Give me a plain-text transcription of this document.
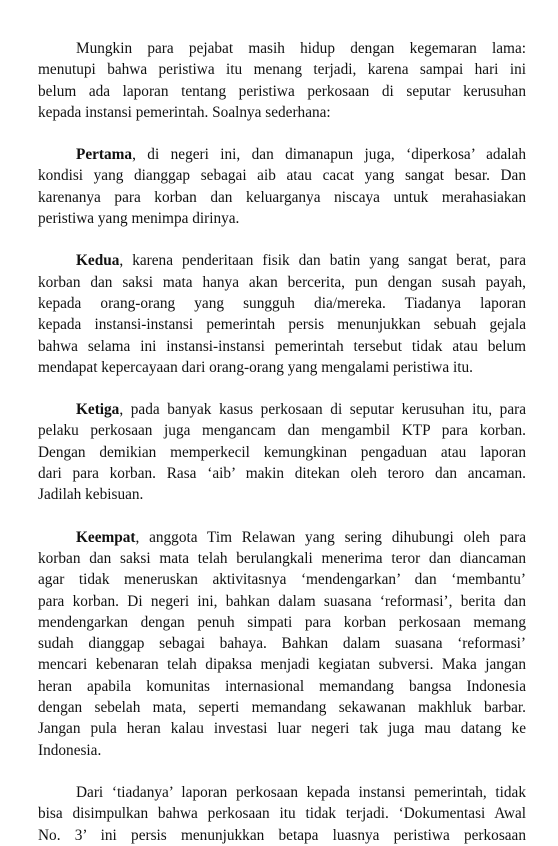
Mungkin para pejabat masih hidup dengan kegemaran lama:
menutupi bahwa peristiwa itu menang terjadi, karena sampai hari ini
belum ada laporan tentang peristiwa perkosaan di seputar kerusuhan
kepada instansi pemerintah. Soalnya sederhana:

Pertama, di negeri ini, dan dimanapun juga, ‘diperkosa’ adalah
kondisi yang dianggap sebagai aib atau cacat yang sangat besar. Dan
karenanya para korban dan keluarganya niscaya untuk merahasiakan
peristiwa yang menimpa dirinya.

Kedua, karena penderitaan fisik dan batin yang sangat berat, para
korban dan saksi mata hanya akan bercerita, pun dengan susah payah,
kepada orang-orang yang sungguh dia/mereka. Tiadanya laporan
kepada instansi-instansi pemerintah persis menunjukkan sebuah gejala
bahwa selama ini instansi-instansi pemerintah tersebut tidak atau belum
mendapat kepercayaan dari orang-orang yang mengalami peristiwa itu.

Ketiga, pada banyak kasus perkosaan di seputar kerusuhan itu, para
pelaku perkosaan juga mengancam dan mengambil KTP para korban.
Dengan demikian memperkecil kemungkinan pengaduan atau laporan
dari para korban. Rasa ‘aib’ makin ditekan oleh teroro dan ancaman.
Jadilah kebisuan.

Keempat, anggota Tim Relawan yang sering dihubungi oleh para
korban dan saksi mata telah berulangkali menerima teror dan diancaman
agar tidak meneruskan aktivitasnya ‘mendengarkan’ dan ‘membantu’
para korban. Di negeri ini, bahkan dalam suasana ‘reformasi’, berita dan
mendengarkan dengan penuh simpati para korban perkosaan memang
sudah dianggap sebagai bahaya. Bahkan dalam suasana ‘reformasi’
mencari kebenaran telah dipaksa menjadi kegiatan subversi. Maka jangan
heran apabila komunitas internasional memandang bangsa Indonesia
dengan sebelah mata, seperti memandang sekawanan makhluk barbar.
Jangan pula heran kalau investasi luar negeri tak juga mau datang ke
Indonesia.

Dari ‘tiadanya’ laporan perkosaan kepada instansi pemerintah, tidak
bisa disimpulkan bahwa perkosaan itu tidak terjadi. ‘Dokumentasi Awal
No. 3’ ini persis menunjukkan betapa luasnya peristiwa perkosaan
